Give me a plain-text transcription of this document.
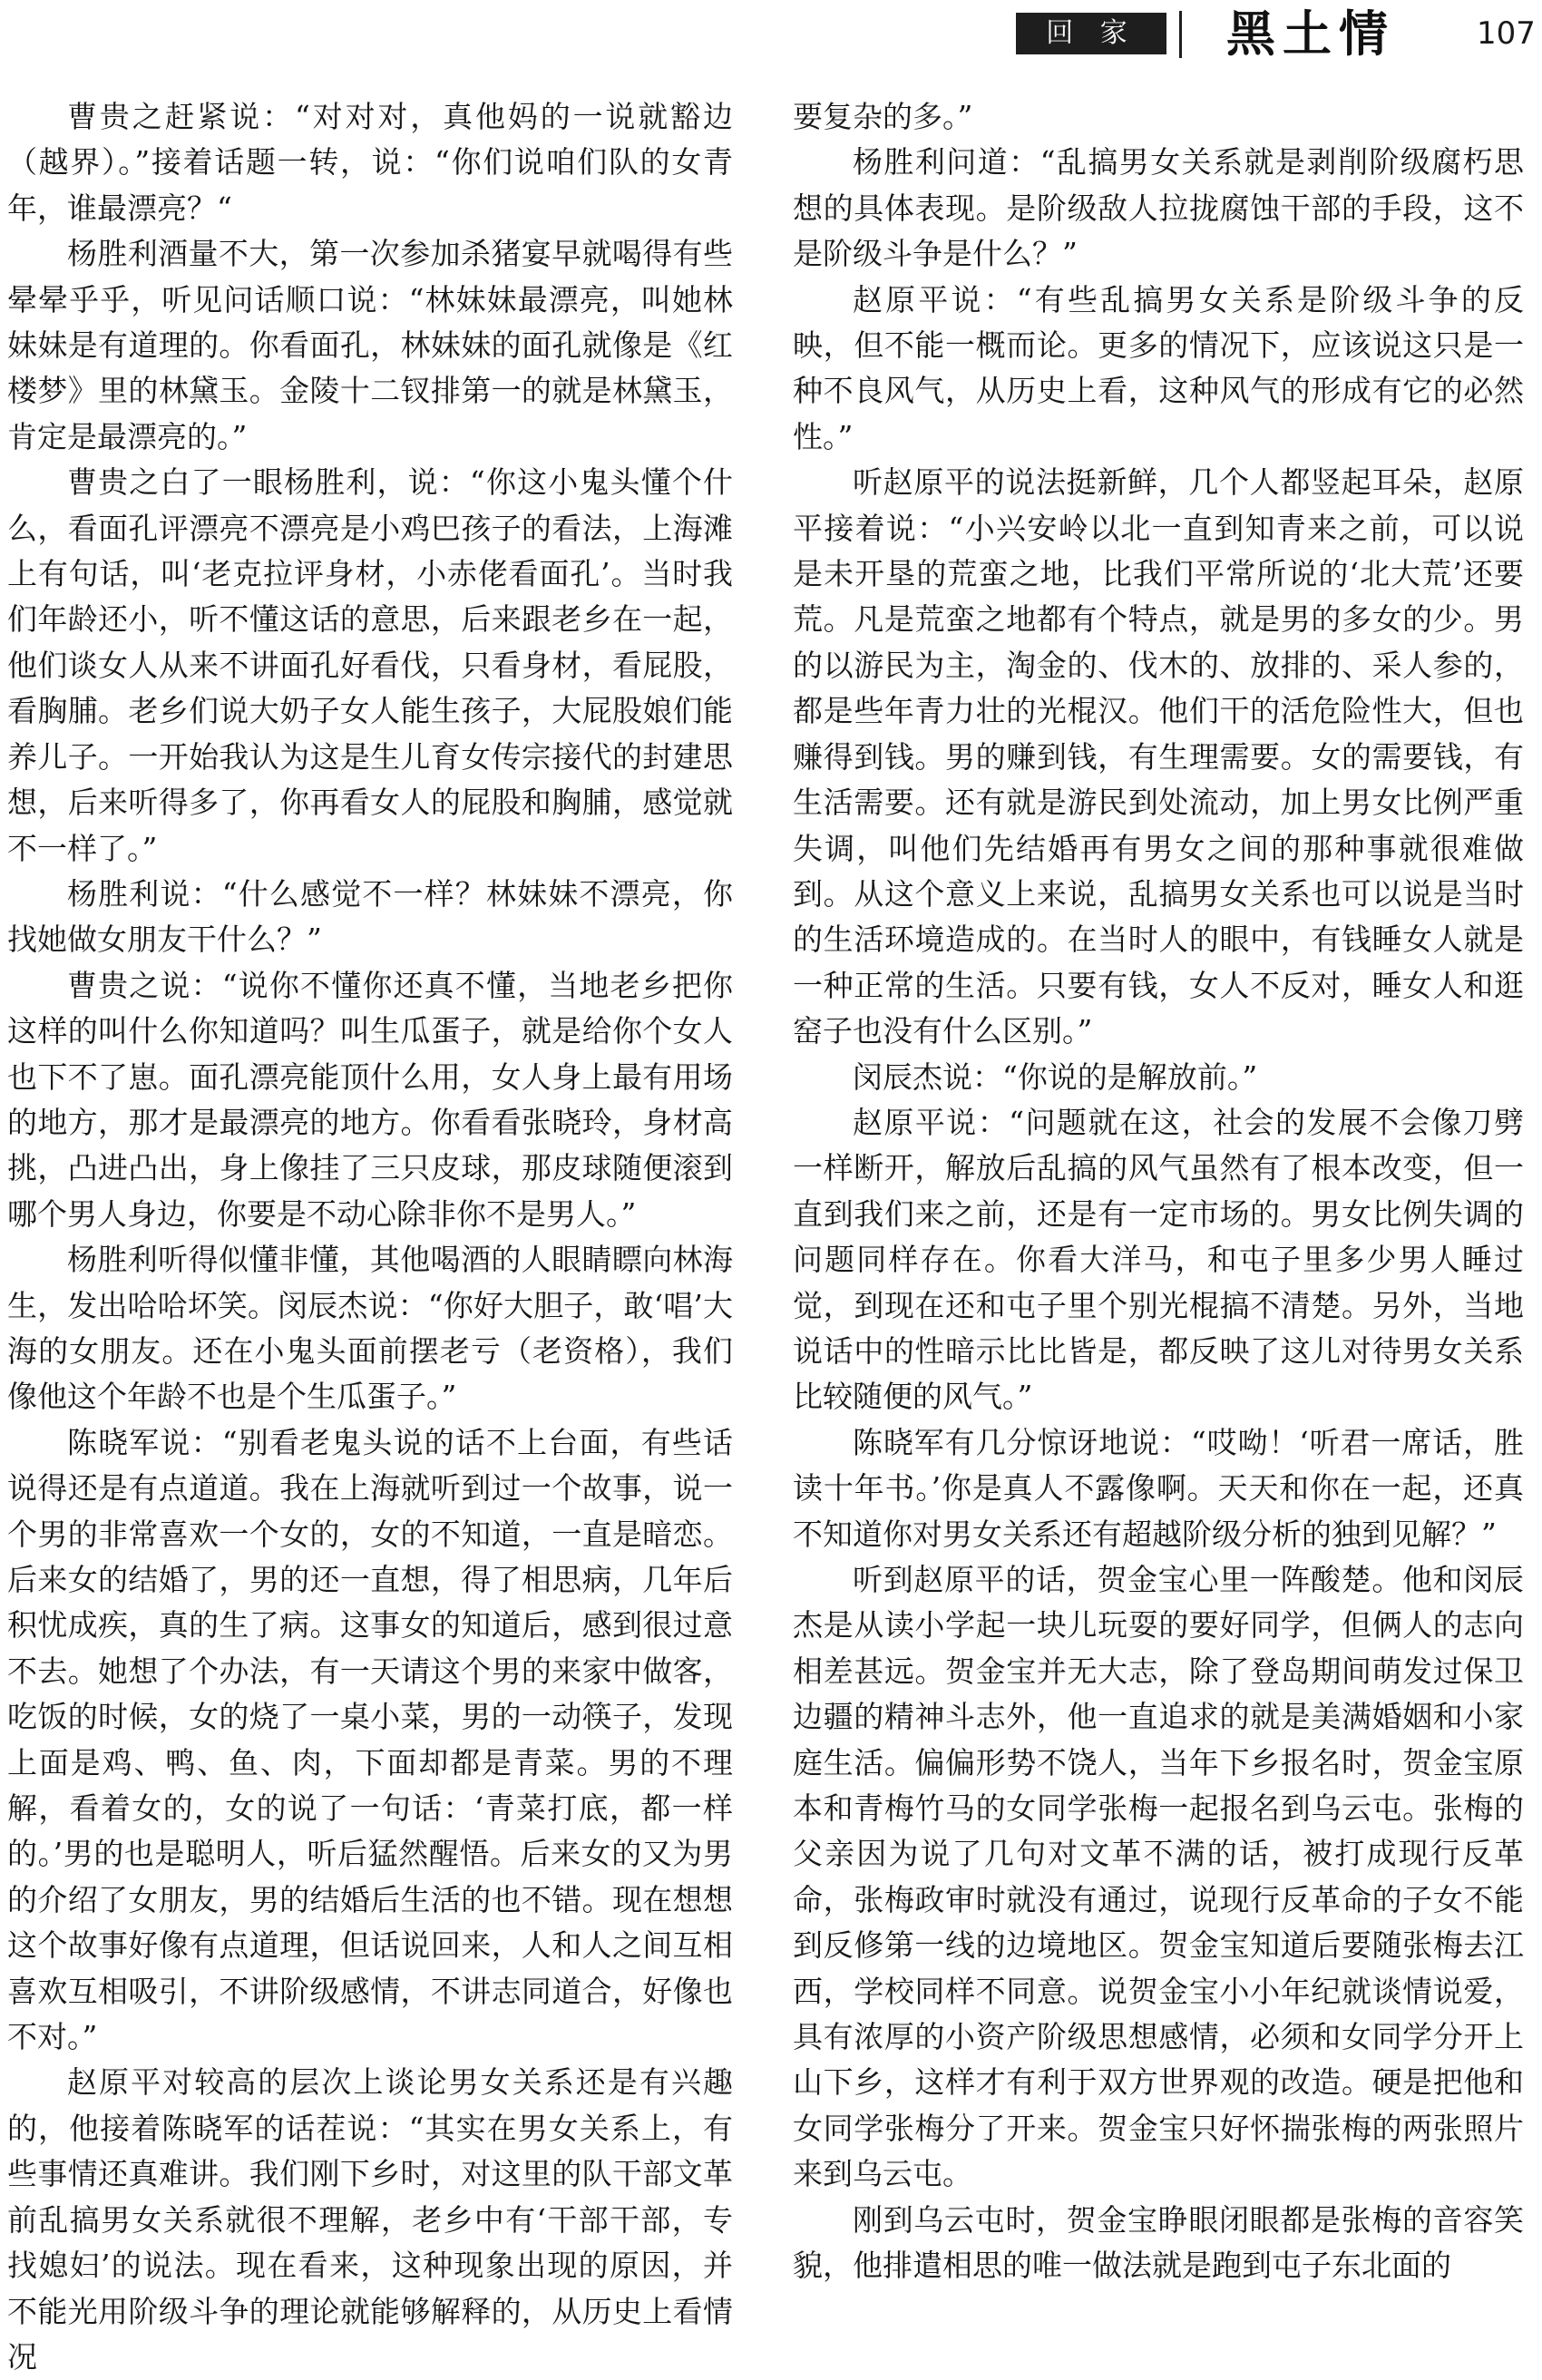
回 家	黑土情	107

曹贵之赶紧说：“对对对，真他妈的一说就豁边（越界）。”接着话题一转，说：“你们说咱们队的女青年，谁最漂亮？“

杨胜利酒量不大，第一次参加杀猪宴早就喝得有些晕晕乎乎，听见问话顺口说：“林妹妹最漂亮，叫她林妹妹是有道理的。你看面孔，林妹妹的面孔就像是《红楼梦》里的林黛玉。金陵十二钗排第一的就是林黛玉，肯定是最漂亮的。”

曹贵之白了一眼杨胜利，说：“你这小鬼头懂个什么，看面孔评漂亮不漂亮是小鸡巴孩子的看法，上海滩上有句话，叫‘老克拉评身材，小赤佬看面孔’。当时我们年龄还小，听不懂这话的意思，后来跟老乡在一起，他们谈女人从来不讲面孔好看伐，只看身材，看屁股，看胸脯。老乡们说大奶子女人能生孩子，大屁股娘们能养儿子。一开始我认为这是生儿育女传宗接代的封建思想，后来听得多了，你再看女人的屁股和胸脯，感觉就不一样了。”

杨胜利说：“什么感觉不一样？林妹妹不漂亮，你找她做女朋友干什么？”

曹贵之说：“说你不懂你还真不懂，当地老乡把你这样的叫什么你知道吗？叫生瓜蛋子，就是给你个女人也下不了崽。面孔漂亮能顶什么用，女人身上最有用场的地方，那才是最漂亮的地方。你看看张晓玲，身材高挑，凸进凸出，身上像挂了三只皮球，那皮球随便滚到哪个男人身边，你要是不动心除非你不是男人。”

杨胜利听得似懂非懂，其他喝酒的人眼睛瞟向林海生，发出哈哈坏笑。闵辰杰说：“你好大胆子，敢‘唱’大海的女朋友。还在小鬼头面前摆老亏（老资格），我们像他这个年龄不也是个生瓜蛋子。”

陈晓军说：“别看老鬼头说的话不上台面，有些话说得还是有点道道。我在上海就听到过一个故事，说一个男的非常喜欢一个女的，女的不知道，一直是暗恋。后来女的结婚了，男的还一直想，得了相思病，几年后积忧成疾，真的生了病。这事女的知道后，感到很过意不去。她想了个办法，有一天请这个男的来家中做客，吃饭的时候，女的烧了一桌小菜，男的一动筷子，发现上面是鸡、鸭、鱼、肉，下面却都是青菜。男的不理解，看着女的，女的说了一句话：‘青菜打底，都一样的。’男的也是聪明人，听后猛然醒悟。后来女的又为男的介绍了女朋友，男的结婚后生活的也不错。现在想想这个故事好像有点道理，但话说回来，人和人之间互相喜欢互相吸引，不讲阶级感情，不讲志同道合，好像也不对。”

赵原平对较高的层次上谈论男女关系还是有兴趣的，他接着陈晓军的话茬说：“其实在男女关系上，有些事情还真难讲。我们刚下乡时，对这里的队干部文革前乱搞男女关系就很不理解，老乡中有‘干部干部，专找媳妇’的说法。现在看来，这种现象出现的原因，并不能光用阶级斗争的理论就能够解释的，从历史上看情况

要复杂的多。”

杨胜利问道：“乱搞男女关系就是剥削阶级腐朽思想的具体表现。是阶级敌人拉拢腐蚀干部的手段，这不是阶级斗争是什么？”

赵原平说：“有些乱搞男女关系是阶级斗争的反映，但不能一概而论。更多的情况下，应该说这只是一种不良风气，从历史上看，这种风气的形成有它的必然性。”

听赵原平的说法挺新鲜，几个人都竖起耳朵，赵原平接着说：“小兴安岭以北一直到知青来之前，可以说是未开垦的荒蛮之地，比我们平常所说的‘北大荒’还要荒。凡是荒蛮之地都有个特点，就是男的多女的少。男的以游民为主，淘金的、伐木的、放排的、采人参的，都是些年青力壮的光棍汉。他们干的活危险性大，但也赚得到钱。男的赚到钱，有生理需要。女的需要钱，有生活需要。还有就是游民到处流动，加上男女比例严重失调，叫他们先结婚再有男女之间的那种事就很难做到。从这个意义上来说，乱搞男女关系也可以说是当时的生活环境造成的。在当时人的眼中，有钱睡女人就是一种正常的生活。只要有钱，女人不反对，睡女人和逛窑子也没有什么区别。”

闵辰杰说：“你说的是解放前。”

赵原平说：“问题就在这，社会的发展不会像刀劈一样断开，解放后乱搞的风气虽然有了根本改变，但一直到我们来之前，还是有一定市场的。男女比例失调的问题同样存在。你看大洋马，和屯子里多少男人睡过觉，到现在还和屯子里个别光棍搞不清楚。另外，当地说话中的性暗示比比皆是，都反映了这儿对待男女关系比较随便的风气。”

陈晓军有几分惊讶地说：“哎呦！‘听君一席话，胜读十年书。’你是真人不露像啊。天天和你在一起，还真不知道你对男女关系还有超越阶级分析的独到见解？”

听到赵原平的话，贺金宝心里一阵酸楚。他和闵辰杰是从读小学起一块儿玩耍的要好同学，但俩人的志向相差甚远。贺金宝并无大志，除了登岛期间萌发过保卫边疆的精神斗志外，他一直追求的就是美满婚姻和小家庭生活。偏偏形势不饶人，当年下乡报名时，贺金宝原本和青梅竹马的女同学张梅一起报名到乌云屯。张梅的父亲因为说了几句对文革不满的话，被打成现行反革命，张梅政审时就没有通过，说现行反革命的子女不能到反修第一线的边境地区。贺金宝知道后要随张梅去江西，学校同样不同意。说贺金宝小小年纪就谈情说爱，具有浓厚的小资产阶级思想感情，必须和女同学分开上山下乡，这样才有利于双方世界观的改造。硬是把他和女同学张梅分了开来。贺金宝只好怀揣张梅的两张照片来到乌云屯。

刚到乌云屯时，贺金宝睁眼闭眼都是张梅的音容笑貌，他排遣相思的唯一做法就是跑到屯子东北面的
